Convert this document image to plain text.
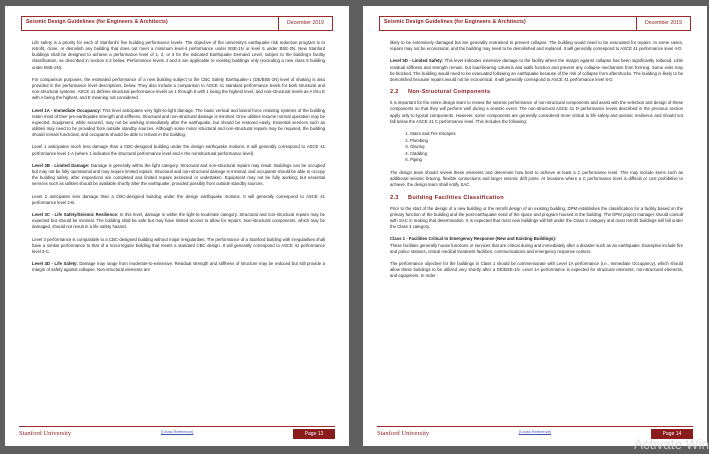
Seismic Design Guidelines (for Engineers & Architects)	December 2019

Life safety is a priority for each of Stanford's five building performance levels. The objective of the university's earthquake risk reduction program is to retrofit, close, or demolish any building that does not meet a minimum level-4 performance under BSE-1N or level 5 under BSE-2N. New Stanford buildings shall be designed to achieve a performance level of 1, 2, or 3 for the indicated Earthquake Demand Level, subject to the building's facility classification, as described in section 2.3 below. Performance levels 4 and 5 are applicable to existing buildings only (excluding a new class 5 building under BSE-2N).

For comparison purposes, the estimated performance of a new building subject to the CBC Safety Earthquake-1 (DE/BSE-1N) level of shaking is also provided in the performance level descriptions, below. They also include a comparison to ASCE 41 standard performance levels for both structural and non-structural systems. ASCE 41 defines structural performance levels as 1 through 5 with 1 being the highest level, and non-structural levels as A thru E with A being the highest, and E meaning not considered.

Level 1A - Immediate Occupancy: This level anticipates very light-to-light damage. The basic vertical and lateral force resisting systems of the building retain most of their pre-earthquake strength and stiffness. Structural and non-structural damage is minimal. Once utilities resume normal operation may be expected. Equipment, while secured, may not be working immediately after the earthquake, but should be restored easily. Essential services such as utilities may need to be provided from outside standby sources. Although some minor structural and non-structural repairs may be required, the building should remain functional, and occupants should be able to remain in the building.

Level 1 anticipates much less damage than a CBC-designed building under the design earthquake motions. It will generally correspond to ASCE 41 performance level 1-A (where 1 indicates the structural performance level and A the nonstructural performance level).

Level 2B - Limited Damage: Damage is generally within the light category. Structural and non-structural repairs may result. Buildings can be occupied but may not be fully operational and may require limited repairs. Structural and non-structural damage is minimal, and occupants should be able to occupy the building safely, after inspections are completed and limited repairs assessed or undertaken. Equipment may not be fully working; but essential services such as utilities should be available shortly after the earthquake, provided possibly from outside standby sources.

Level 2 anticipates less damage than a CBC-designed building under the design earthquake motions. It will generally correspond to ASCE 41 performance level 2-B.

Level 3C - Life Safety/Seismic Resilience: In this level, damage is within the light-to-moderate category. Structural and non-structural repairs may be expected but should be minimal. The building shall be safe but may have limited access to allow for repairs. Non-structural components, which may be damaged, should not result in a life safety hazard.

Level 3 performance is comparable to a CBC-designed building without major irregularities. The performance of a Stanford building with irregularities shall have a similar performance to that of a non-irregular building that meets a standard CBC design. It will generally correspond to ASCE 41 performance level 3-C.

Level 4D - Life Safety: Damage may range from moderate-to-extensive. Residual strength and stiffness of structure may be reduced but still provide a margin of safety against collapse. Non-structural elements are

Stanford University	[Cross Reference]	Page 13
Seismic Design Guidelines (for Engineers & Architects)	December 2019

likely to be extensively damaged but are generally restrained to prevent collapse. The building would need to be evacuated for repairs. In some cases, repairs may not be economical, and the building may need to be demolished and replaced. It will generally correspond to ASCE 41 performance level 4-D.

Level 5D - Limited Safety: This level indicates extensive damage to the facility where the margin against collapse has been significantly reduced. Little residual stiffness and strength remain, but load-bearing columns and walls function and prevent any collapse mechanism from forming. Some exits may be blocked. The building would need to be evacuated following an earthquake because of the risk of collapse from aftershocks. The building is likely to be demolished because repairs would not be economical. It will generally correspond to ASCE 41 performance level 5-D.

2.2 Non-Structural Components

It is important for the entire design team to review the seismic performance of non-structural components and assist with the selection and design of these components so that they will perform well during a seismic event. The non-structural ASCE 41 D performance levels described in the previous section apply only to typical components. However, some components are generally considered more critical to life safety and seismic resilience and should not fall below the ASCE 41 C performance level. This includes the following:

1. Stairs and Fire Escapes
2. Plumbing
3. Glazing
4. Cladding
5. Piping

The design team should review these elements and determine how best to achieve at least a C performance level. This may include items such as additional seismic bracing, flexible connections and larger seismic drift joints. At locations where a C performance level is difficult or cost prohibitive to achieve, the design team shall notify SAC.

2.3 Building Facilities Classification

Prior to the start of the design of a new building or the retrofit design of an existing building, DPM establishes the classification for a facility based on the primary function of the building and the post-earthquake need of the space and program housed in the building. The DPM project manager should consult with SAC in making that determination. It is expected that most new buildings will fall under the Class 3 category and most retrofit buildings will fall under the Class 4 category.

Class 1 - Facilities Critical to Emergency Response (New and Existing Buildings):
These facilities generally house functions or services that are critical during and immediately after a disaster such as an earthquake. Examples include fire and police stations, critical medical treatment facilities, communications and emergency response centers.

The performance objective for the buildings in Class 1 should be commensurate with Level 1A performance (i.e., Immediate Occupancy), which should allow these buildings to be utilized very shortly after a DE/BSE-1N. Level 1A performance is expected for structural elements, non-structural elements, and equipment. In order

Stanford University	[Cross Reference]	Page 14
Activate Win
